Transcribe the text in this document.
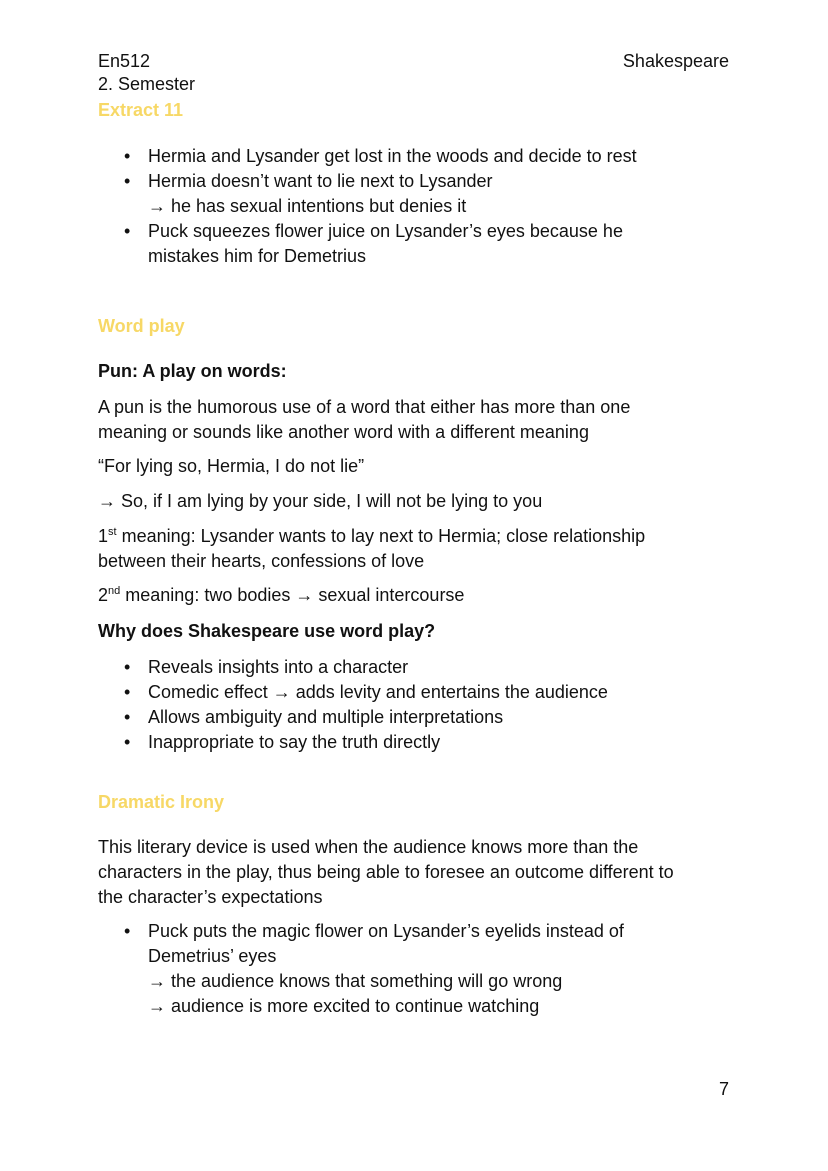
En512
2. Semester
Shakespeare
Extract 11
• Hermia and Lysander get lost in the woods and decide to rest
• Hermia doesn’t want to lie next to Lysander
→ he has sexual intentions but denies it
• Puck squeezes flower juice on Lysander’s eyes because he
mistakes him for Demetrius
Word play
Pun: A play on words:
A pun is the humorous use of a word that either has more than one
meaning or sounds like another word with a different meaning
“For lying so, Hermia, I do not lie”
→ So, if I am lying by your side, I will not be lying to you
1st meaning: Lysander wants to lay next to Hermia; close relationship
between their hearts, confessions of love
2nd meaning: two bodies → sexual intercourse
Why does Shakespeare use word play?
• Reveals insights into a character
• Comedic effect → adds levity and entertains the audience
• Allows ambiguity and multiple interpretations
• Inappropriate to say the truth directly
Dramatic Irony
This literary device is used when the audience knows more than the
characters in the play, thus being able to foresee an outcome different to
the character’s expectations
• Puck puts the magic flower on Lysander’s eyelids instead of
Demetrius’ eyes
→ the audience knows that something will go wrong
→ audience is more excited to continue watching
7
